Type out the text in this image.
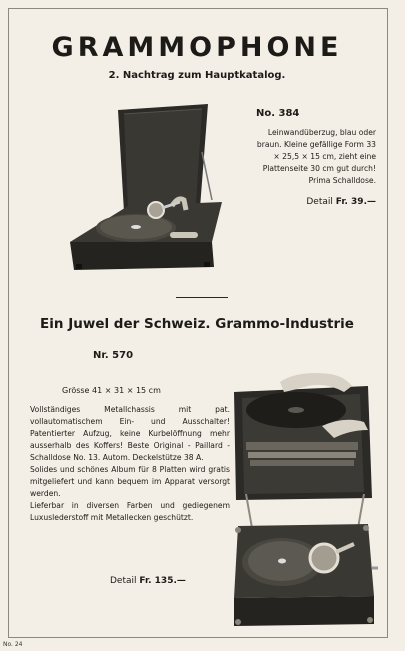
GRAMMOPHONE
2. Nachtrag zum Hauptkatalog.
No. 384
Leinwandüberzug, blau oder braun. Kleine gefällige Form 33 × 25,5 × 15 cm, zieht eine Plattenseite 30 cm gut durch! Prima Schalldose.
Detail Fr. 39.—
Ein Juwel der Schweiz. Grammo-Industrie
Nr. 570
Grösse 41 × 31 × 15 cm

Vollständiges Metallchassis mit pat. vollautomatischem Ein- und Ausschalter! Patentierter Aufzug, keine Kurbelöffnung mehr ausserhalb des Koffers! Beste Original - Paillard - Schalldose No. 13. Autom. Deckelstütze 38 A.

Solides und schönes Album für 8 Platten wird gratis mitgeliefert und kann bequem im Apparat versorgt werden.

Lieferbar in diversen Farben und gediegenem Luxuslederstoff mit Metallecken geschützt.

Detail Fr. 135.—
No. 24
